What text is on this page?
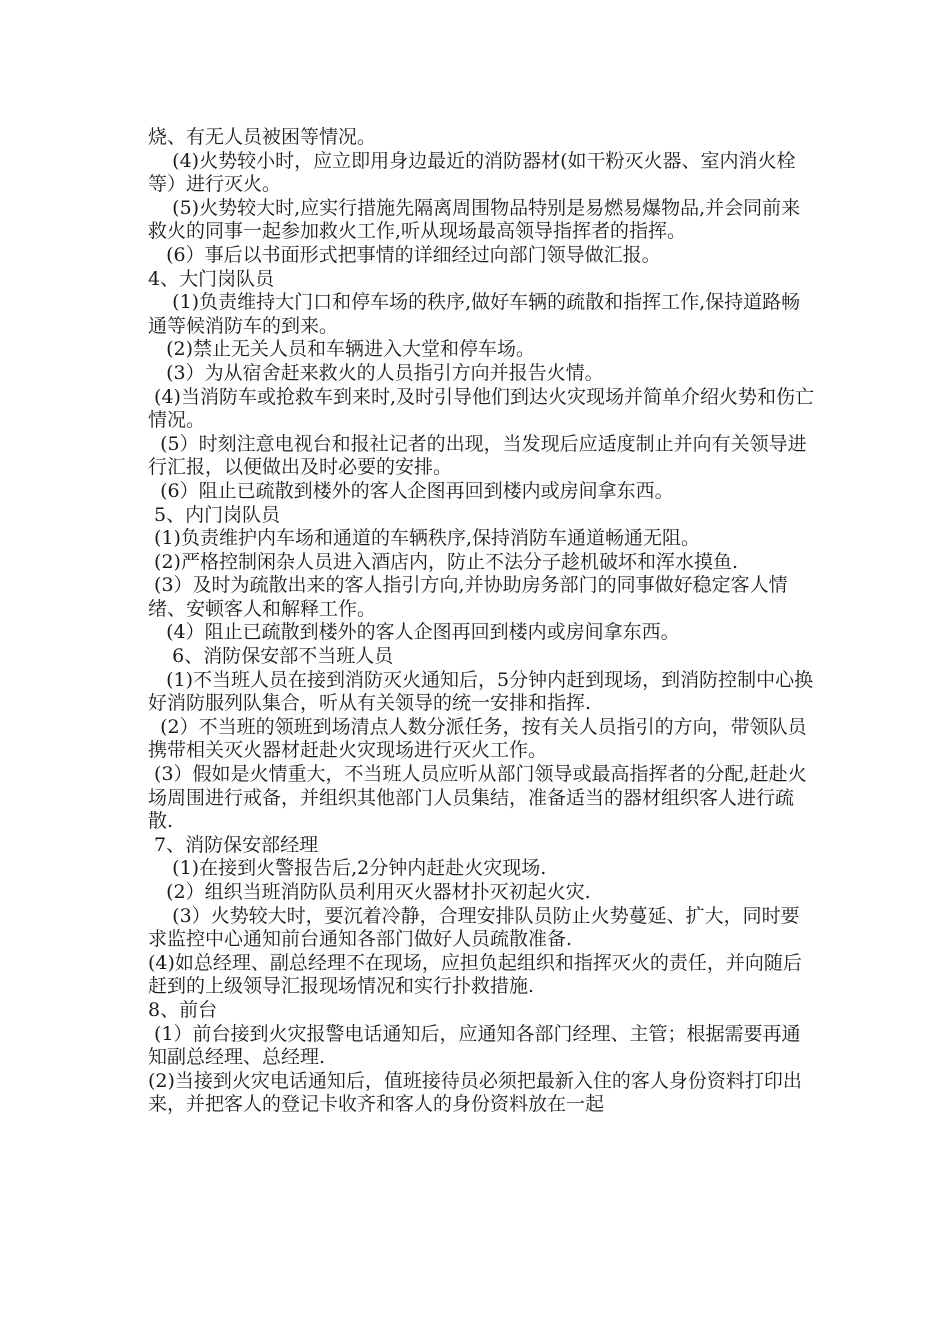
烧、有无人员被困等情况。

(4)火势较小时，应立即用身边最近的消防器材(如干粉灭火器、室内消火栓等）进行灭火。

(5)火势较大时,应实行措施先隔离周围物品特别是易燃易爆物品,并会同前来救火的同事一起参加救火工作,听从现场最高领导指挥者的指挥。

(6）事后以书面形式把事情的详细经过向部门领导做汇报。

4、大门岗队员

(1)负责维持大门口和停车场的秩序,做好车辆的疏散和指挥工作,保持道路畅通等候消防车的到来。

(2)禁止无关人员和车辆进入大堂和停车场。

(3）为从宿舍赶来救火的人员指引方向并报告火情。

(4)当消防车或抢救车到来时,及时引导他们到达火灾现场并简单介绍火势和伤亡情况。

(5）时刻注意电视台和报社记者的出现，当发现后应适度制止并向有关领导进行汇报，以便做出及时必要的安排。

(6）阻止已疏散到楼外的客人企图再回到楼内或房间拿东西。

5、内门岗队员

(1)负责维护内车场和通道的车辆秩序,保持消防车通道畅通无阻。

(2)严格控制闲杂人员进入酒店内，防止不法分子趁机破坏和浑水摸鱼.

(3）及时为疏散出来的客人指引方向,并协助房务部门的同事做好稳定客人情绪、安顿客人和解释工作。

(4）阻止已疏散到楼外的客人企图再回到楼内或房间拿东西。

6、消防保安部不当班人员

(1)不当班人员在接到消防灭火通知后，5分钟内赶到现场，到消防控制中心换好消防服列队集合，听从有关领导的统一安排和指挥.

(2）不当班的领班到场清点人数分派任务，按有关人员指引的方向，带领队员携带相关灭火器材赶赴火灾现场进行灭火工作。

(3）假如是火情重大，不当班人员应听从部门领导或最高指挥者的分配,赶赴火场周围进行戒备，并组织其他部门人员集结，准备适当的器材组织客人进行疏散.

7、消防保安部经理

(1)在接到火警报告后,2分钟内赶赴火灾现场.

(2）组织当班消防队员利用灭火器材扑灭初起火灾.

(3）火势较大时，要沉着冷静，合理安排队员防止火势蔓延、扩大，同时要求监控中心通知前台通知各部门做好人员疏散准备.

(4)如总经理、副总经理不在现场，应担负起组织和指挥灭火的责任，并向随后赶到的上级领导汇报现场情况和实行扑救措施.

8、前台

(1）前台接到火灾报警电话通知后，应通知各部门经理、主管；根据需要再通知副总经理、总经理.

(2)当接到火灾电话通知后，值班接待员必须把最新入住的客人身份资料打印出来，并把客人的登记卡收齐和客人的身份资料放在一起
